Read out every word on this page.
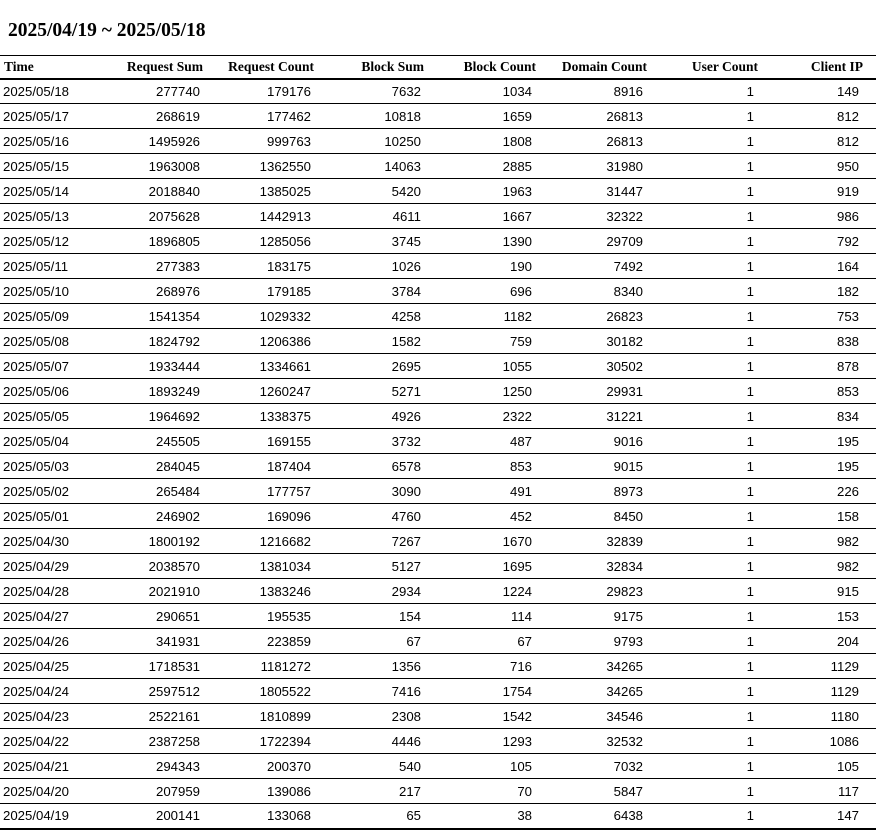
2025/04/19 ~ 2025/05/18
Time	Request Sum	Request Count	Block Sum	Block Count	Domain Count	User Count	Client IP
2025/05/18	277740	179176	7632	1034	8916	1	149
2025/05/17	268619	177462	10818	1659	26813	1	812
2025/05/16	1495926	999763	10250	1808	26813	1	812
2025/05/15	1963008	1362550	14063	2885	31980	1	950
2025/05/14	2018840	1385025	5420	1963	31447	1	919
2025/05/13	2075628	1442913	4611	1667	32322	1	986
2025/05/12	1896805	1285056	3745	1390	29709	1	792
2025/05/11	277383	183175	1026	190	7492	1	164
2025/05/10	268976	179185	3784	696	8340	1	182
2025/05/09	1541354	1029332	4258	1182	26823	1	753
2025/05/08	1824792	1206386	1582	759	30182	1	838
2025/05/07	1933444	1334661	2695	1055	30502	1	878
2025/05/06	1893249	1260247	5271	1250	29931	1	853
2025/05/05	1964692	1338375	4926	2322	31221	1	834
2025/05/04	245505	169155	3732	487	9016	1	195
2025/05/03	284045	187404	6578	853	9015	1	195
2025/05/02	265484	177757	3090	491	8973	1	226
2025/05/01	246902	169096	4760	452	8450	1	158
2025/04/30	1800192	1216682	7267	1670	32839	1	982
2025/04/29	2038570	1381034	5127	1695	32834	1	982
2025/04/28	2021910	1383246	2934	1224	29823	1	915
2025/04/27	290651	195535	154	114	9175	1	153
2025/04/26	341931	223859	67	67	9793	1	204
2025/04/25	1718531	1181272	1356	716	34265	1	1129
2025/04/24	2597512	1805522	7416	1754	34265	1	1129
2025/04/23	2522161	1810899	2308	1542	34546	1	1180
2025/04/22	2387258	1722394	4446	1293	32532	1	1086
2025/04/21	294343	200370	540	105	7032	1	105
2025/04/20	207959	139086	217	70	5847	1	117
2025/04/19	200141	133068	65	38	6438	1	147
